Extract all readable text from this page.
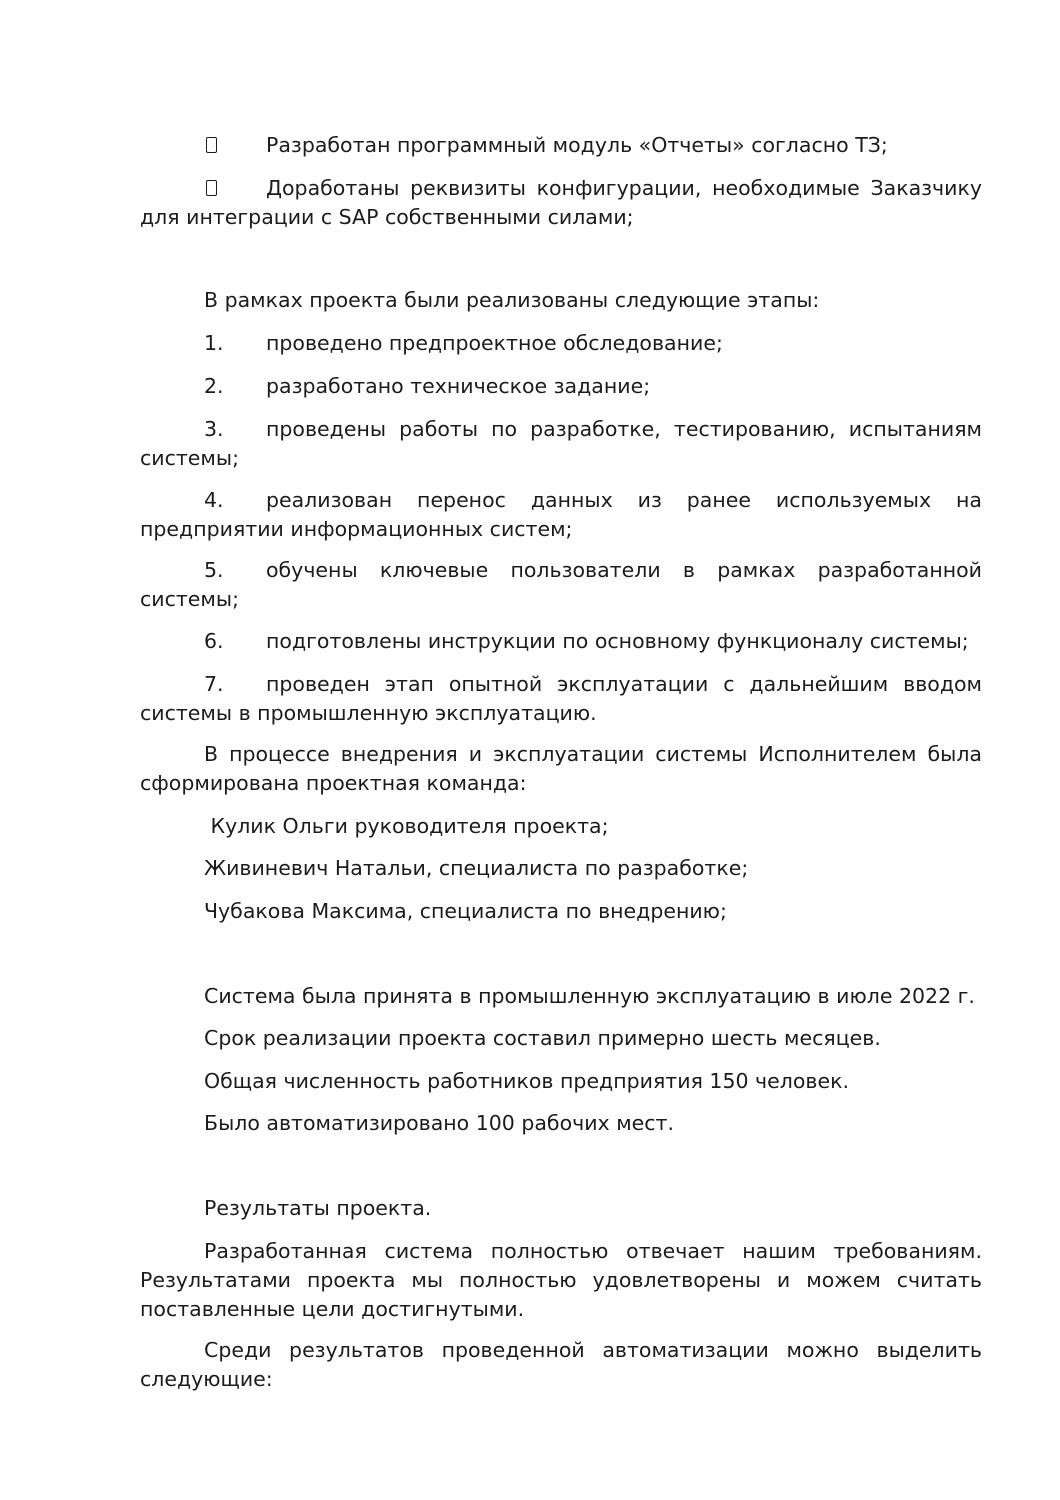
Разработан программный модуль «Отчеты» согласно ТЗ;

Доработаны реквизиты конфигурации, необходимые Заказчику для интеграции с SAP собственными силами;

В рамках проекта были реализованы следующие этапы:

1. проведено предпроектное обследование;

2. разработано техническое задание;

3. проведены работы по разработке, тестированию, испытаниям системы;

4. реализован перенос данных из ранее используемых на предприятии информационных систем;

5. обучены ключевые пользователи в рамках разработанной системы;

6. подготовлены инструкции по основному функционалу системы;

7. проведен этап опытной эксплуатации с дальнейшим вводом системы в промышленную эксплуатацию.

В процессе внедрения и эксплуатации системы Исполнителем была сформирована проектная команда:

Кулик Ольги руководителя проекта;

Живиневич Натальи, специалиста по разработке;

Чубакова Максима, специалиста по внедрению;

Система была принята в промышленную эксплуатацию в июле 2022 г.

Срок реализации проекта составил примерно шесть месяцев.

Общая численность работников предприятия 150 человек.

Было автоматизировано 100 рабочих мест.

Результаты проекта.

Разработанная система полностью отвечает нашим требованиям. Результатами проекта мы полностью удовлетворены и можем считать поставленные цели достигнутыми.

Среди результатов проведенной автоматизации можно выделить следующие:
